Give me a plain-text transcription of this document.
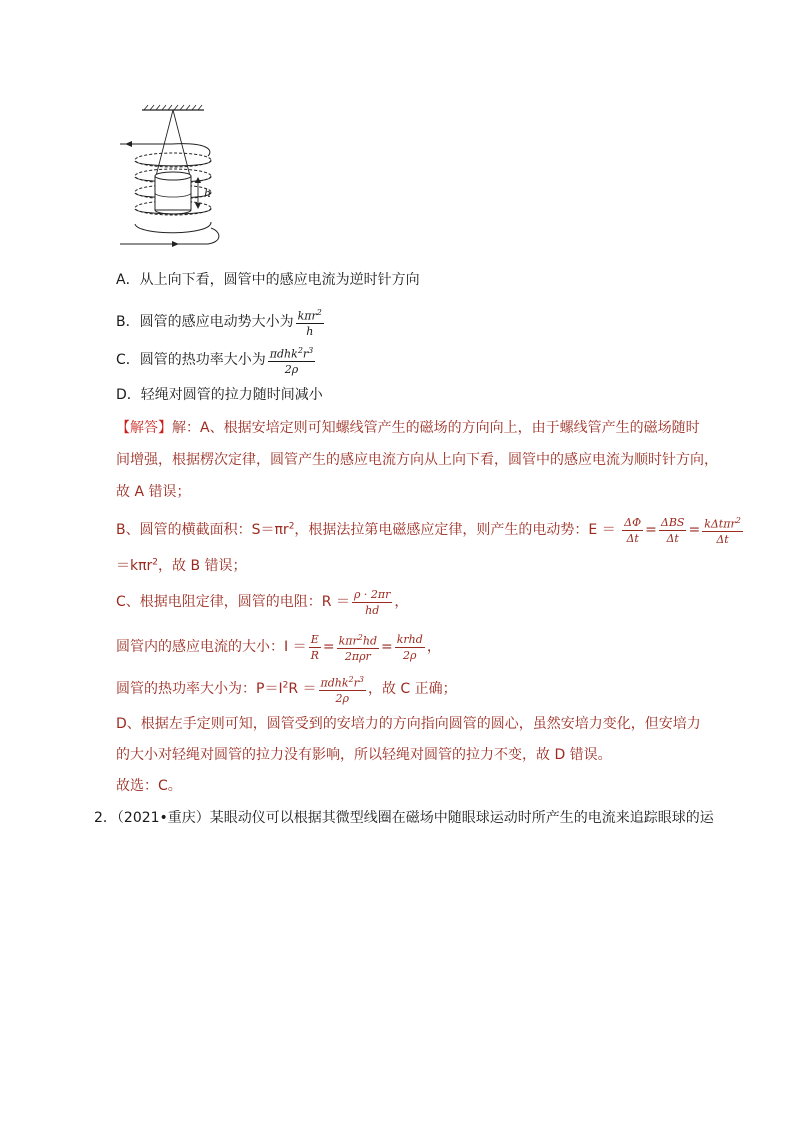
h
A．从上向下看，圆管中的感应电流为逆时针方向
B．圆管的感应电动势大小为 $\frac{k\pi r^2}{h}$
C．圆管的热功率大小为 $\frac{\pi dhk^2r^3}{2\rho}$
D．轻绳对圆管的拉力随时间减小
【解答】解：A、根据安培定则可知螺线管产生的磁场的方向向上，由于螺线管产生的磁场随时
间增强，根据楞次定律，圆管产生的感应电流方向从上向下看，圆管中的感应电流为顺时针方向，
故 A 错误；
B、圆管的横截面积：$S=\pi r^2$，根据法拉第电磁感应定律，则产生的电动势：$E = \frac{\Delta\Phi}{\Delta t} = \frac{\text{ΔBS}}{\Delta t} = \frac{k\Delta t\pi r^2}{\Delta t}$
＝kπr$^2$，故 B 错误；
C、根据电阻定律，圆管的电阻：$R = \frac{\rho \cdot 2\pi r}{hd}$ ，
圆管内的感应电流的大小：$I = \frac{E}{R} = \frac{k\pi r^2hd}{\text{2πρr}} = \frac{\text{krhd}}{2\rho}$ ，
圆管的热功率大小为：$P=I^2R = \frac{\pi dhk^2r^3}{2\rho}$ ，故 C 正确；
D、根据左手定则可知，圆管受到的安培力的方向指向圆管的圆心，虽然安培力变化，但安培力
的大小对轻绳对圆管的拉力没有影响，所以轻绳对圆管的拉力不变，故 D 错误。
故选：C。
2．（2021•重庆）某眼动仪可以根据其微型线圈在磁场中随眼球运动时所产生的电流来追踪眼球的运
